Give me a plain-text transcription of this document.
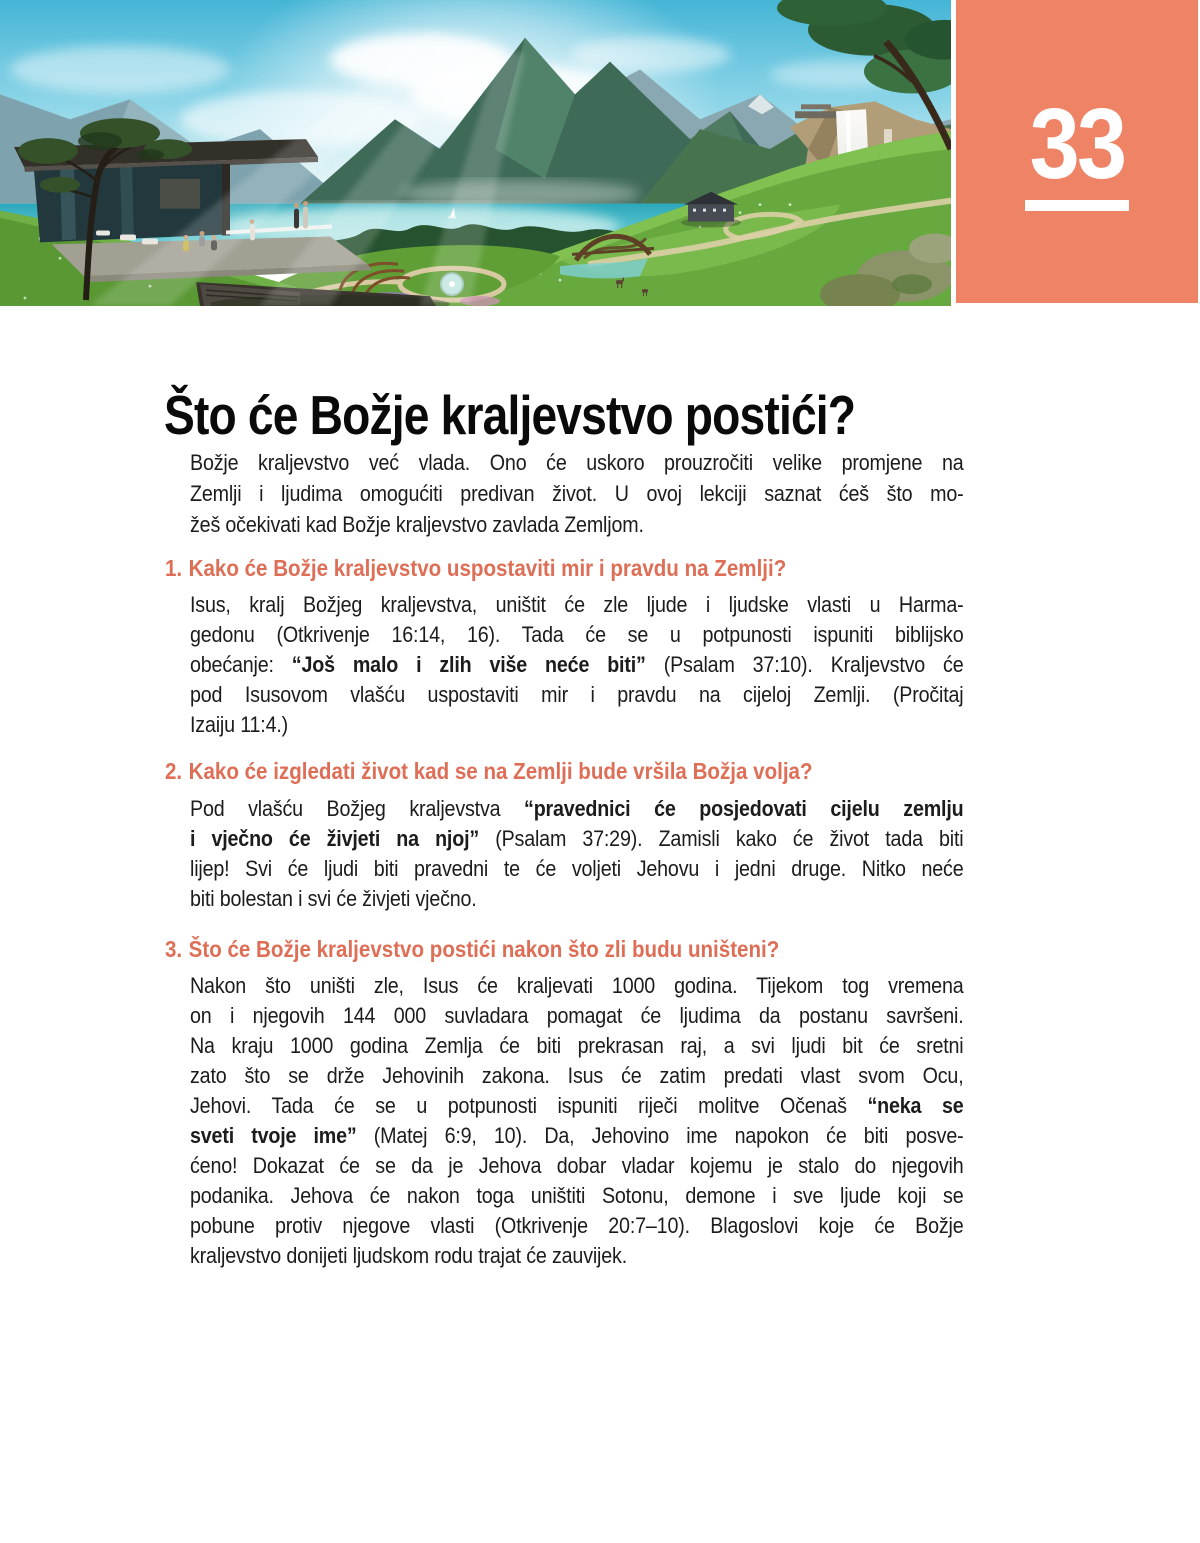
33
Što će Božje kraljevstvo postići?
Božje kraljevstvo već vlada. Ono će uskoro prouzročiti velike promjene na
Zemlji i ljudima omogućiti predivan život. U ovoj lekciji saznat ćeš što mo-
žeš očekivati kad Božje kraljevstvo zavlada Zemljom.
1. Kako će Božje kraljevstvo uspostaviti mir i pravdu na Zemlji?
Isus, kralj Božjeg kraljevstva, uništit će zle ljude i ljudske vlasti u Harma-
gedonu (Otkrivenje 16:14, 16). Tada će se u potpunosti ispuniti biblijsko
obećanje: “Još malo i zlih više neće biti” (Psalam 37:10). Kraljevstvo će
pod Isusovom vlašću uspostaviti mir i pravdu na cijeloj Zemlji. (Pročitaj
Izaiju 11:4.)
2. Kako će izgledati život kad se na Zemlji bude vršila Božja volja?
Pod vlašću Božjeg kraljevstva “pravednici će posjedovati cijelu zemlju
i vječno će živjeti na njoj” (Psalam 37:29). Zamisli kako će život tada biti
lijep! Svi će ljudi biti pravedni te će voljeti Jehovu i jedni druge. Nitko neće
biti bolestan i svi će živjeti vječno.
3. Što će Božje kraljevstvo postići nakon što zli budu uništeni?
Nakon što uništi zle, Isus će kraljevati 1000 godina. Tijekom tog vremena
on i njegovih 144 000 suvladara pomagat će ljudima da postanu savršeni.
Na kraju 1000 godina Zemlja će biti prekrasan raj, a svi ljudi bit će sretni
zato što se drže Jehovinih zakona. Isus će zatim predati vlast svom Ocu,
Jehovi. Tada će se u potpunosti ispuniti riječi molitve Očenaš “neka se
sveti tvoje ime” (Matej 6:9, 10). Da, Jehovino ime napokon će biti posve-
ćeno! Dokazat će se da je Jehova dobar vladar kojemu je stalo do njegovih
podanika. Jehova će nakon toga uništiti Sotonu, demone i sve ljude koji se
pobune protiv njegove vlasti (Otkrivenje 20:7–10). Blagoslovi koje će Božje
kraljevstvo donijeti ljudskom rodu trajat će zauvijek.
